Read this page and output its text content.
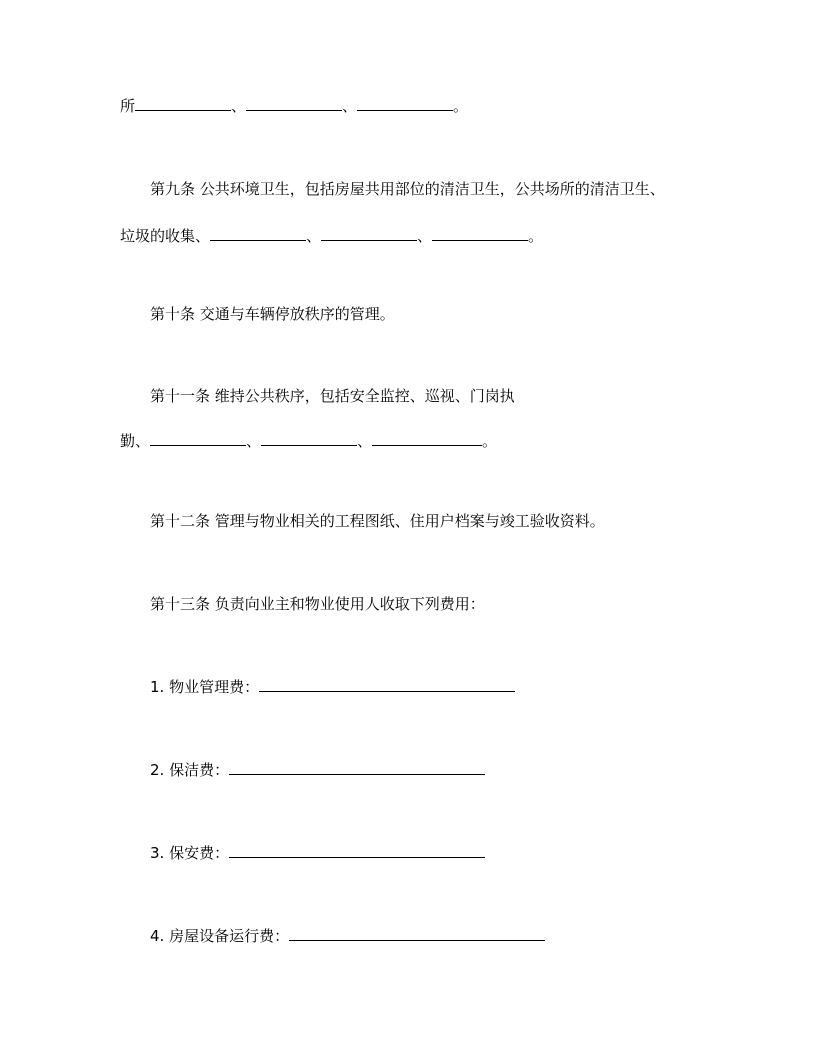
所	、	、	。
第九条 公共环境卫生，包括房屋共用部位的清洁卫生，公共场所的清洁卫生、
垃圾的收集、	、	、	。
第十条 交通与车辆停放秩序的管理。
第十一条 维持公共秩序，包括安全监控、巡视、门岗执
勤、	、	、	。
第十二条 管理与物业相关的工程图纸、住用户档案与竣工验收资料。
第十三条 负责向业主和物业使用人收取下列费用：
1. 物业管理费：
2. 保洁费：
3. 保安费：
4. 房屋设备运行费：
